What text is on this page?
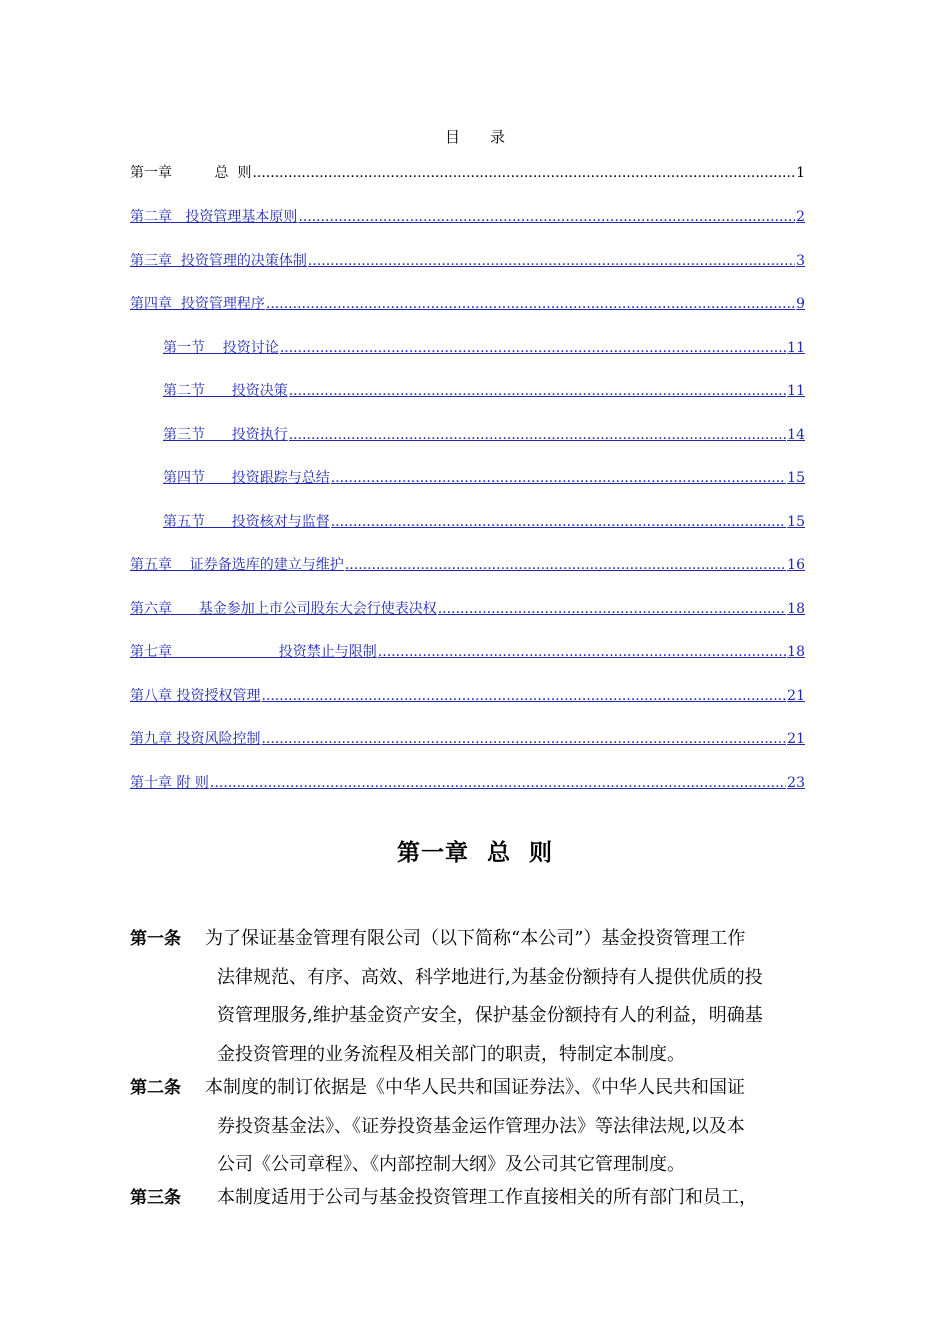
目录
第一章	总  则 .....	1
第二章   投资管理基本原则 .....	2
第三章  投资管理的决策体制 .....	3
第四章  投资管理程序 .....	9
第一节    投资讨论 .....	11
第二节      投资决策 .....	11
第三节      投资执行 .....	14
第四节      投资跟踪与总结 .....	15
第五节      投资核对与监督 .....	15
第五章    证券备选库的建立与维护 .....	16
第六章      基金参加上市公司股东大会行使表决权 .....	18
第七章                        投资禁止与限制 .....	18
第八章 投资授权管理 .....	21
第九章 投资风险控制 .....	21
第十章 附 则 .....	23
第一章  总  则
第一条	为了保证基金管理有限公司（以下简称“本公司”）基金投资管理工作
法律规范、有序、高效、科学地进行,为基金份额持有人提供优质的投
资管理服务,维护基金资产安全，保护基金份额持有人的利益，明确基
金投资管理的业务流程及相关部门的职责，特制定本制度。
第二条	本制度的制订依据是《中华人民共和国证券法》、《中华人民共和国证
券投资基金法》、《证券投资基金运作管理办法》等法律法规,以及本
公司《公司章程》、《内部控制大纲》及公司其它管理制度。
第三条	本制度适用于公司与基金投资管理工作直接相关的所有部门和员工，
